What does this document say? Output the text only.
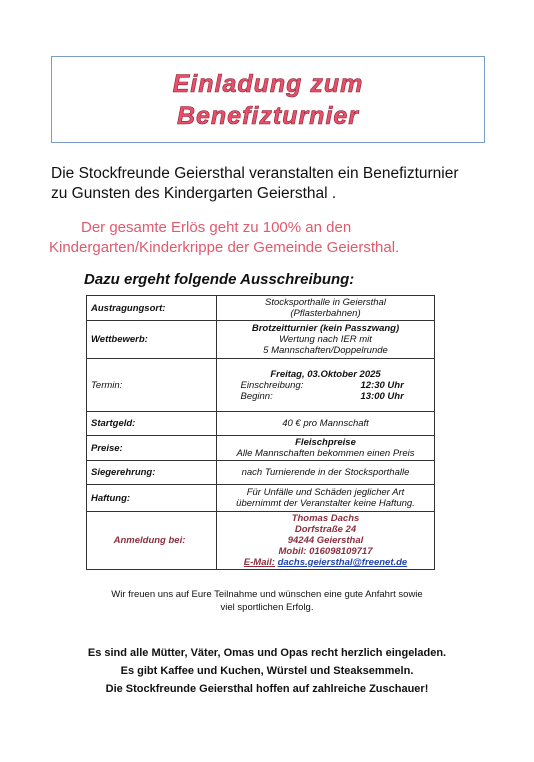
Einladung zum
Benefizturnier
Die Stockfreunde Geiersthal veranstalten ein Benefizturnier
zu Gunsten des Kindergarten Geiersthal .
Der gesamte Erlös geht zu 100% an den
Kindergarten/Kinderkrippe der Gemeinde Geiersthal.
Dazu ergeht folgende Ausschreibung:
Austragungsort:	Stocksporthalle in Geiersthal
(Pflasterbahnen)

Wettbewerb:	Brotzeitturnier (kein Passzwang)
Wertung nach IER mit
5 Mannschaften/Doppelrunde

Termin:	Freitag, 03.Oktober 2025
Einschreibung: 12:30 Uhr
Beginn: 13:00 Uhr

Startgeld:	40 € pro Mannschaft
Preise:	Fleischpreise
Alle Mannschaften bekommen einen Preis

Siegerehrung:	nach Turnierende in der Stocksporthalle
Haftung:	Für Unfälle und Schäden jeglicher Art
übernimmt der Veranstalter keine Haftung.

Anmeldung bei:	Thomas Dachs
Dorfstraße 24
94244 Geiersthal
Mobil: 016098109717
E-Mail: dachs.geiersthal@freenet.de
Wir freuen uns auf Eure Teilnahme und wünschen eine gute Anfahrt sowie
viel sportlichen Erfolg.
Es sind alle Mütter, Väter, Omas und Opas recht herzlich eingeladen.
Es gibt Kaffee und Kuchen, Würstel und Steaksemmeln.
Die Stockfreunde Geiersthal hoffen auf zahlreiche Zuschauer!
